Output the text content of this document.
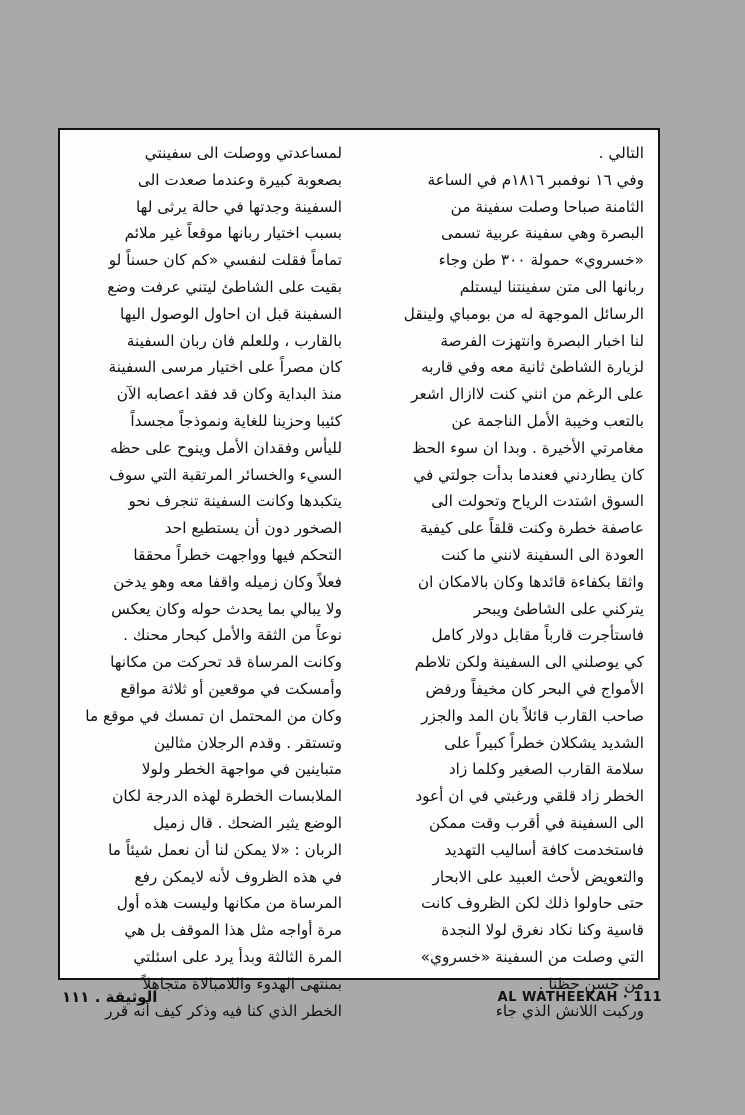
التالي .
وفي ١٦ نوفمبر ١٨١٦م في الساعة
الثامنة صباحا وصلت سفينة من
البصرة وهي سفينة عربية تسمى
«خسروي» حمولة ٣٠٠ طن وجاء
ربانها الى متن سفينتنا ليستلم
الرسائل الموجهة له من بومباي ولينقل
لنا اخبار البصرة وانتهزت الفرصة
لزيارة الشاطئ ثانية معه وفي قاربه
على الرغم من انني كنت لاازال اشعر
بالتعب وخيبة الأمل الناجمة عن
مغامرتي الأخيرة . وبدا ان سوء الحظ
كان يطاردني فعندما بدأت جولتي في
السوق اشتدت الرياح وتحولت الى
عاصفة خطرة وكنت قلقاً على كيفية
العودة الى السفينة لانني ما كنت
واثقا بكفاءة قائدها وكان بالامكان ان
يتركني على الشاطئ ويبحر
فاستأجرت قارباً مقابل دولار كامل
كي يوصلني الى السفينة ولكن تلاطم
الأمواج في البحر كان مخيفاً ورفض
صاحب القارب قائلاً بان المد والجزر
الشديد يشكلان خطراً كبيراً على
سلامة القارب الصغير وكلما زاد
الخطر زاد قلقي ورغبتي في ان أعود
الى السفينة في أقرب وقت ممكن
فاستخدمت كافة أساليب التهديد
والتعويض لأحث العبيد على الابحار
حتى حاولوا ذلك لكن الظروف كانت
قاسية وكنا نكاد نغرق لولا النجدة
التي وصلت من السفينة «خسروي»
من حسن حظنا .
وركبت اللانش الذي جاء
لمساعدتي ووصلت الى سفينتي
بصعوبة كبيرة وعندما صعدت الى
السفينة وجدتها في حالة يرثى لها
بسبب اختيار ربانها موقعاً غير ملائم
تماماً فقلت لنفسي «كم كان حسناً لو
بقيت على الشاطئ ليتني عرفت وضع
السفينة قبل ان احاول الوصول اليها
بالقارب ، وللعلم فان ربان السفينة
كان مصراً على اختيار مرسى السفينة
منذ البداية وكان قد فقد اعصابه الآن
كئيبا وحزينا للغاية ونموذجاً مجسداً
لليأس وفقدان الأمل وينوح على حظه
السيء والخسائر المرتقبة التي سوف
يتكبدها وكانت السفينة تنجرف نحو
الصخور دون أن يستطيع احد
التحكم فيها وواجهت خطراً محققا
فعلاً وكان زميله واقفا معه وهو يدخن
ولا يبالي بما يحدث حوله وكان يعكس
نوعاً من الثقة والأمل كبحار محنك .
وكانت المرساة قد تحركت من مكانها
وأمسكت في موقعين أو ثلاثة مواقع
وكان من المحتمل ان تمسك في موقع ما
وتستقر . وقدم الرجلان مثالين
متباينين في مواجهة الخطر ولولا
الملابسات الخطرة لهذه الدرجة لكان
الوضع يثير الضحك . قال زميل
الربان : «لا يمكن لنا أن نعمل شيئاً ما
في هذه الظروف لأنه لايمكن رفع
المرساة من مكانها وليست هذه أول
مرة أواجه مثل هذا الموقف بل هي
المرة الثالثة وبدأ يرد على اسئلتي
بمنتهى الهدوء واللامبالاة متجاهلاً
الخطر الذي كنا فيه وذكر كيف أنه قرر
الوثيقة . ١١١	AL WATHEEKAH · 111
